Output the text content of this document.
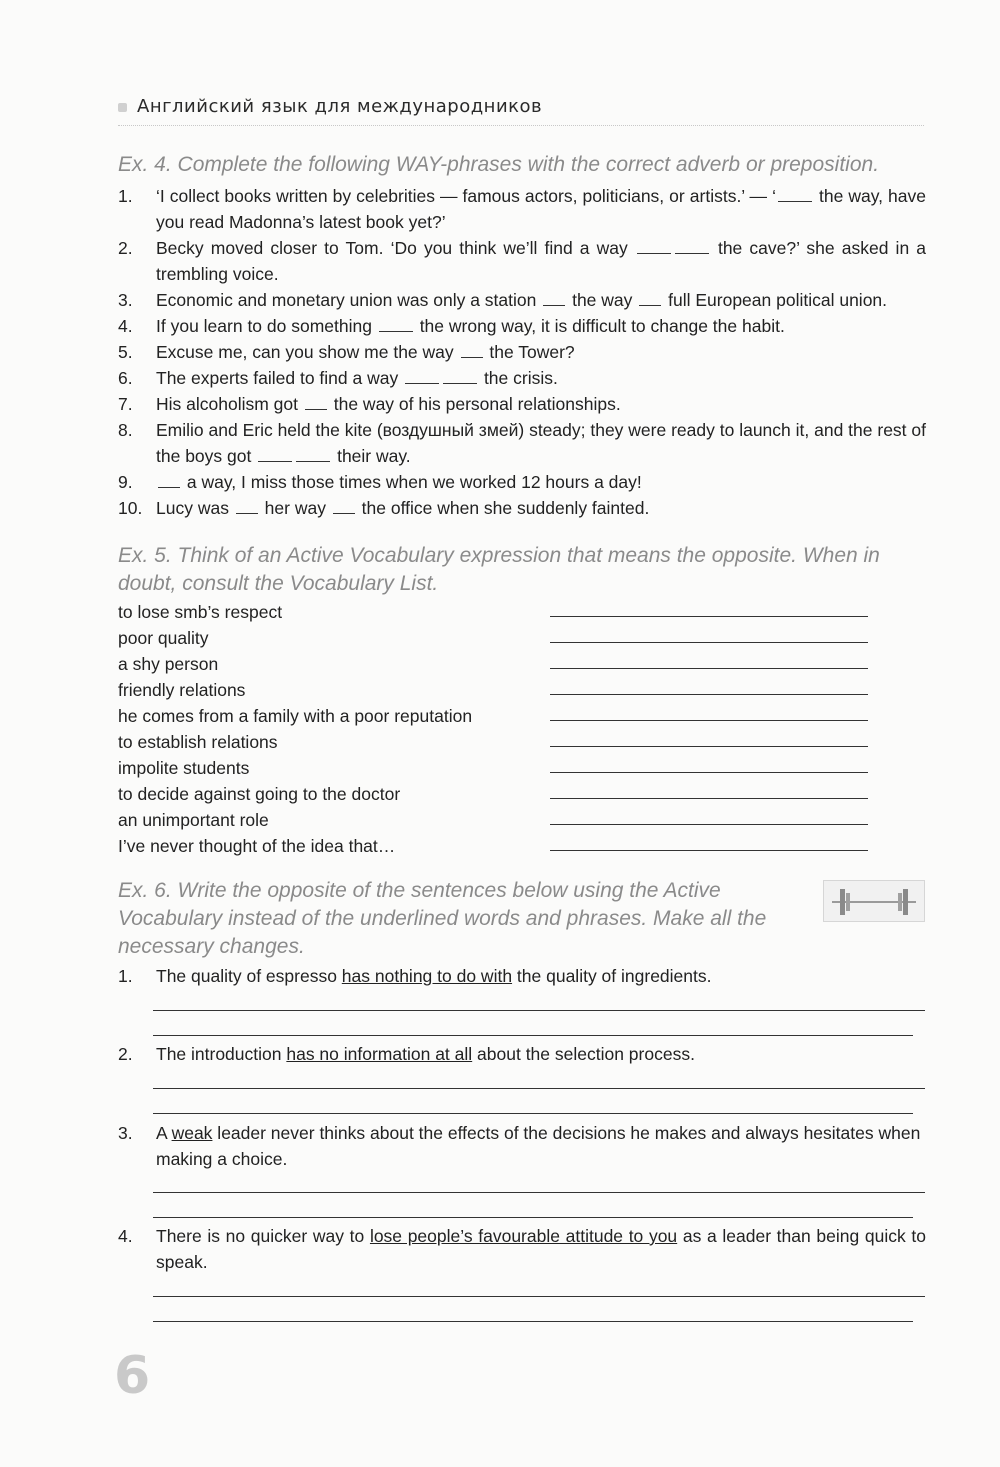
Английский язык для международников
Ex. 4. Complete the following WAY-phrases with the correct adverb or preposition.
1.	‘I collect books written by celebrities — famous actors, politicians, or artists.’ — ‘ the way, have you read Madonna’s latest book yet?’
2.	Becky moved closer to Tom. ‘Do you think we’ll find a way	the cave?’ she asked in a trembling voice.
3.	Economic and monetary union was only a station  the way  full European political union.
4.	If you learn to do something  the wrong way, it is difficult to change the habit.
5.	Excuse me, can you show me the way  the Tower?
6.	The experts failed to find a way	the crisis.
7.	His alcoholism got  the way of his personal relationships.
8.	Emilio and Eric held the kite (воздушный змей) steady; they were ready to launch it, and the rest of the boys got	their way.
9.	a way, I miss those times when we worked 12 hours a day!
10. Lucy was  her way  the office when she suddenly fainted.
Ex. 5. Think of an Active Vocabulary expression that means the opposite. When in doubt, consult the Vocabulary List.
to lose smb’s respect
poor quality
a shy person
friendly relations
he comes from a family with a poor reputation
to establish relations
impolite students
to decide against going to the doctor
an unimportant role
I’ve never thought of the idea that…
Ex. 6. Write the opposite of the sentences below using the Active Vocabulary instead of the underlined words and phrases. Make all the necessary changes.
1.	The quality of espresso has nothing to do with the quality of ingredients.
2.	The introduction has no information at all about the selection process.
3.	A weak leader never thinks about the effects of the decisions he makes and always hesitates when making a choice.
4.	There is no quicker way to lose people’s favourable attitude to you as a leader than being quick to speak.
6
